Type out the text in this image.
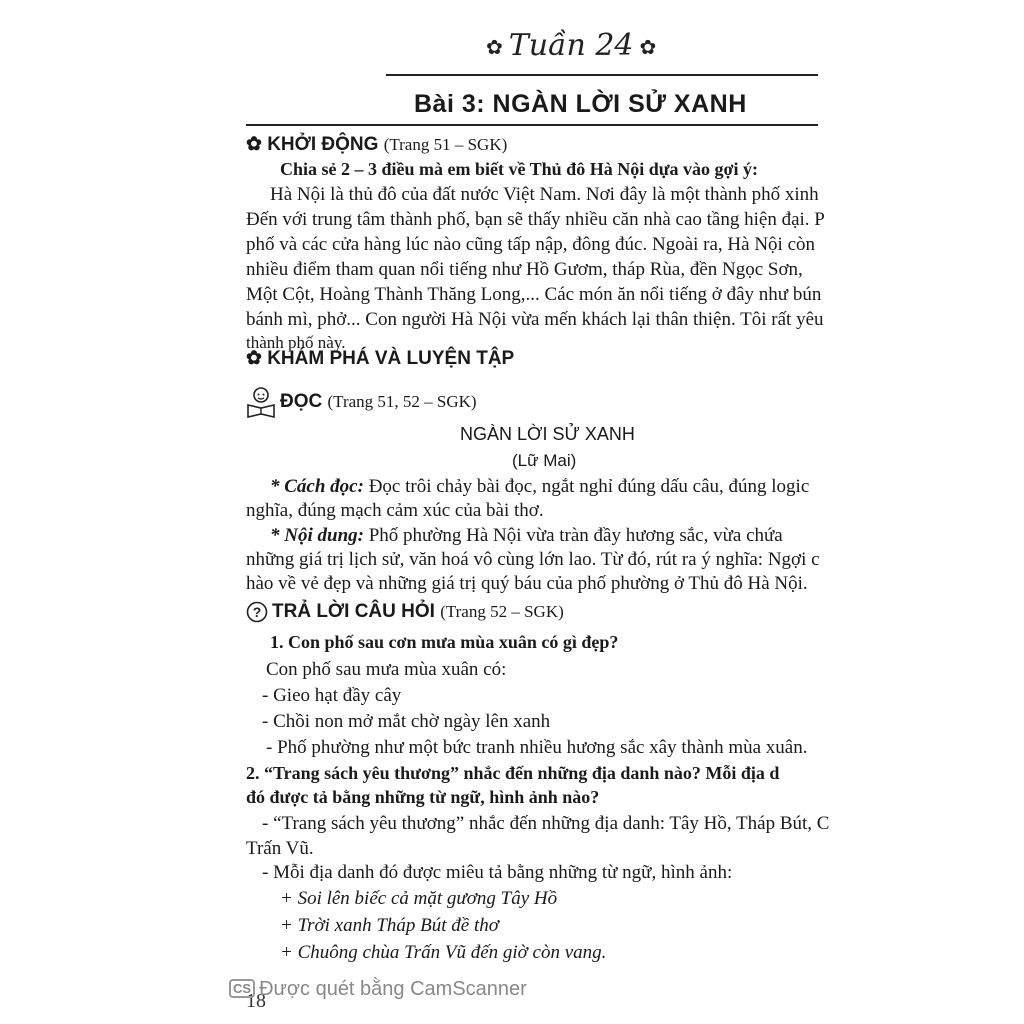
✿ Tuần 24 ✿
Bài 3: NGÀN LỜI SỬ XANH
✿ KHỞI ĐỘNG (Trang 51 – SGK)
Chia sẻ 2 – 3 điều mà em biết về Thủ đô Hà Nội dựa vào gợi ý:
Hà Nội là thủ đô của đất nước Việt Nam. Nơi đây là một thành phố xinh
Đến với trung tâm thành phố, bạn sẽ thấy nhiều căn nhà cao tầng hiện đại. P
phố và các cửa hàng lúc nào cũng tấp nập, đông đúc. Ngoài ra, Hà Nội còn
nhiều điểm tham quan nổi tiếng như Hồ Gươm, tháp Rùa, đền Ngọc Sơn,
Một Cột, Hoàng Thành Thăng Long,... Các món ăn nổi tiếng ở đây như bún
bánh mì, phở... Con người Hà Nội vừa mến khách lại thân thiện. Tôi rất yêu
thành phố này.
✿ KHÁM PHÁ VÀ LUYỆN TẬP
ĐỌC (Trang 51, 52 – SGK)
NGÀN LỜI SỬ XANH
(Lữ Mai)
* Cách đọc: Đọc trôi chảy bài đọc, ngắt nghỉ đúng dấu câu, đúng logic
nghĩa, đúng mạch cảm xúc của bài thơ.
* Nội dung: Phố phường Hà Nội vừa tràn đầy hương sắc, vừa chứa
những giá trị lịch sử, văn hoá vô cùng lớn lao. Từ đó, rút ra ý nghĩa: Ngợi c
hào về vẻ đẹp và những giá trị quý báu của phố phường ở Thủ đô Hà Nội.
? TRẢ LỜI CÂU HỎI (Trang 52 – SGK)
1. Con phố sau cơn mưa mùa xuân có gì đẹp?
Con phố sau mưa mùa xuân có:
- Gieo hạt đầy cây
- Chồi non mở mắt chờ ngày lên xanh
- Phố phường như một bức tranh nhiều hương sắc xây thành mùa xuân.
2. “Trang sách yêu thương” nhắc đến những địa danh nào? Mỗi địa d
đó được tả bằng những từ ngữ, hình ảnh nào?
- “Trang sách yêu thương” nhắc đến những địa danh: Tây Hồ, Tháp Bút, C
Trấn Vũ.
- Mỗi địa danh đó được miêu tả bằng những từ ngữ, hình ảnh:
+ Soi lên biếc cả mặt gương Tây Hồ
+ Trời xanh Tháp Bút đề thơ
+ Chuông chùa Trấn Vũ đến giờ còn vang.
18
CS Được quét bằng CamScanner
